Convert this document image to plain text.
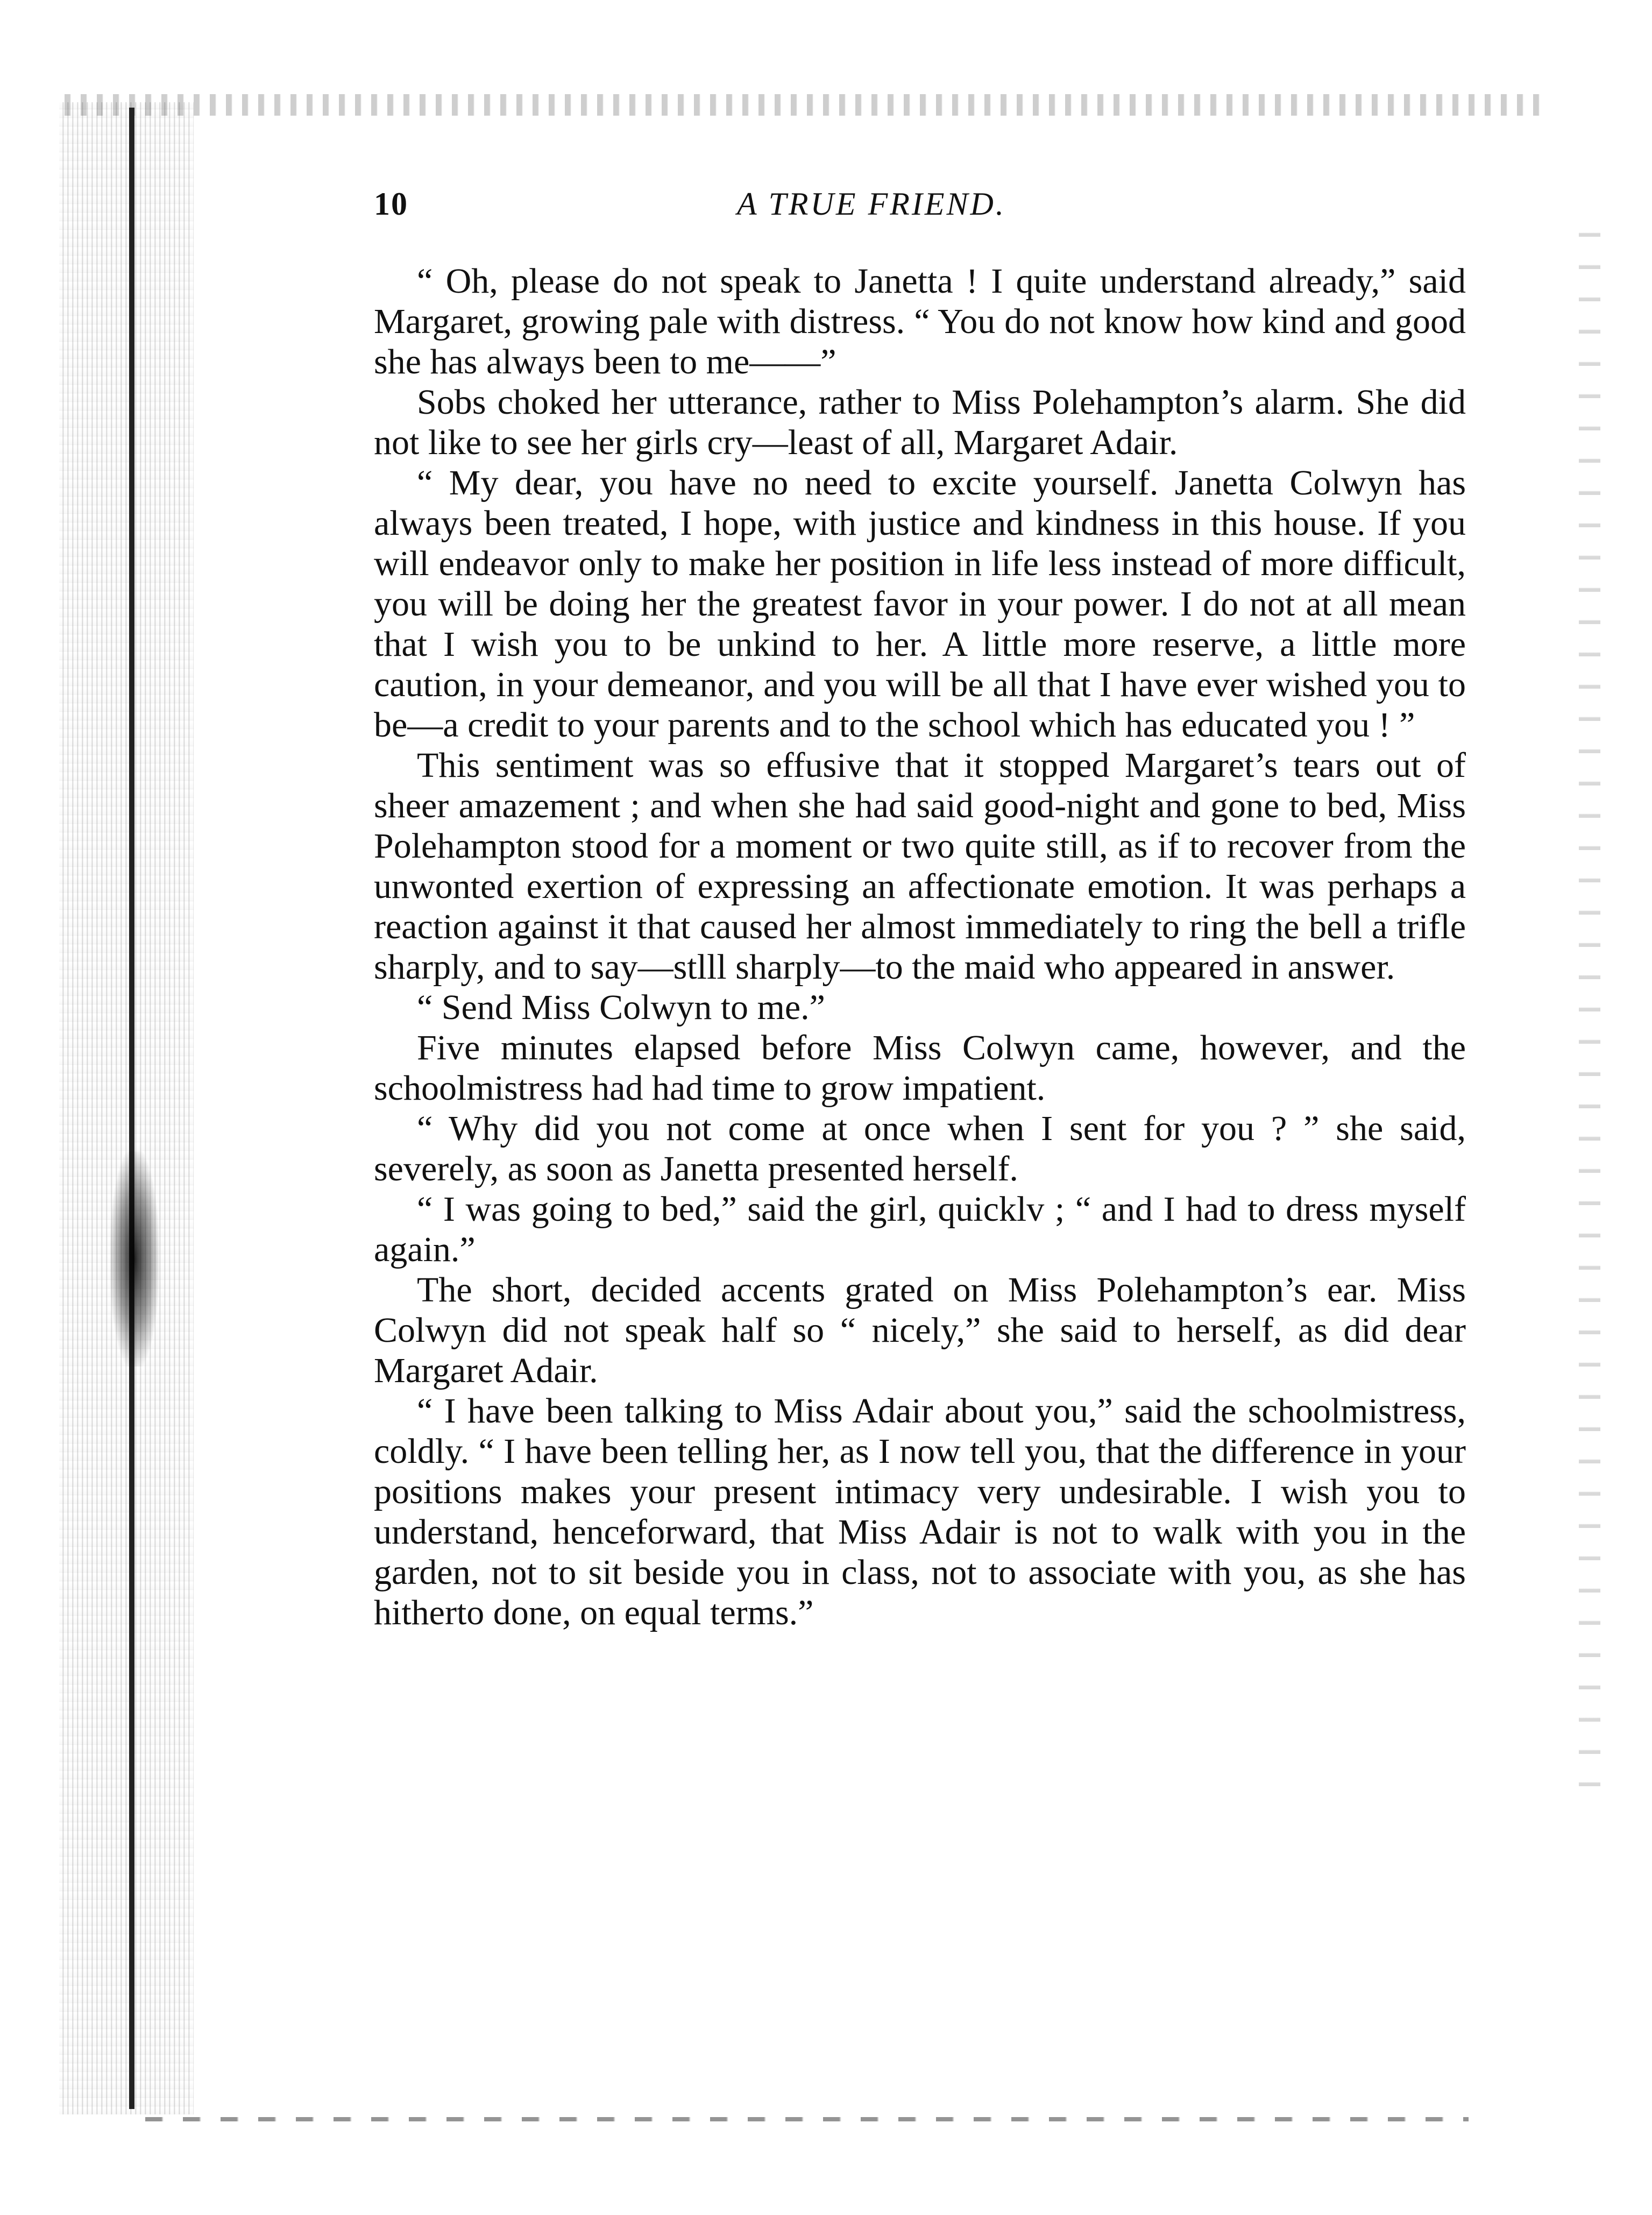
10	A TRUE FRIEND.

“ Oh, please do not speak to Janetta ! I quite understand already,” said Margaret, growing pale with distress. “ You do not know how kind and good she has always been to me——”

Sobs choked her utterance, rather to Miss Polehampton’s alarm. She did not like to see her girls cry—least of all, Margaret Adair.

“ My dear, you have no need to excite yourself. Janetta Colwyn has always been treated, I hope, with justice and kindness in this house. If you will endeavor only to make her position in life less instead of more difficult, you will be doing her the greatest favor in your power. I do not at all mean that I wish you to be unkind to her. A little more reserve, a little more caution, in your demeanor, and you will be all that I have ever wished you to be—a credit to your parents and to the school which has educated you ! ”

This sentiment was so effusive that it stopped Margaret’s tears out of sheer amazement ; and when she had said good-night and gone to bed, Miss Polehampton stood for a moment or two quite still, as if to recover from the unwonted exertion of expressing an affectionate emotion. It was perhaps a reaction against it that caused her almost immediately to ring the bell a trifle sharply, and to say—stlll sharply—to the maid who appeared in answer.

“ Send Miss Colwyn to me.”

Five minutes elapsed before Miss Colwyn came, however, and the schoolmistress had had time to grow impatient.

“ Why did you not come at once when I sent for you ? ” she said, severely, as soon as Janetta presented herself.

“ I was going to bed,” said the girl, quicklv ; “ and I had to dress myself again.”

The short, decided accents grated on Miss Polehampton’s ear. Miss Colwyn did not speak half so “ nicely,” she said to herself, as did dear Margaret Adair.

“ I have been talking to Miss Adair about you,” said the schoolmistress, coldly. “ I have been telling her, as I now tell you, that the difference in your positions makes your present intimacy very undesirable. I wish you to understand, henceforward, that Miss Adair is not to walk with you in the garden, not to sit beside you in class, not to associate with you, as she has hitherto done, on equal terms.”
